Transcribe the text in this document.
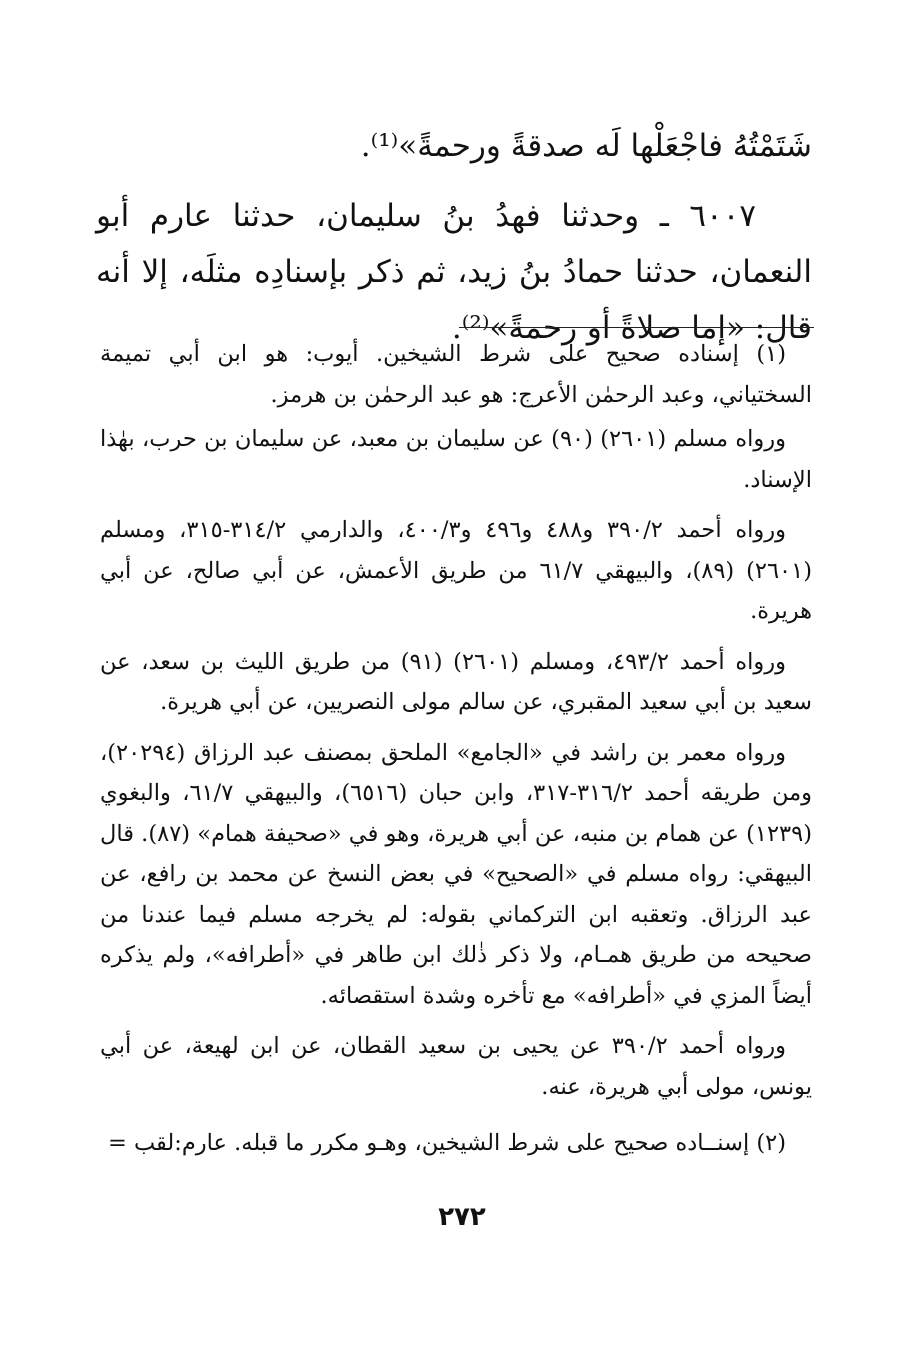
شَتَمْتُهُ فاجْعَلْها لَه صدقةً ورحمةً»⁽¹⁾.

٦٠٠٧ ـ وحدثنا فهدُ بنُ سليمان، حدثنا عارم أبو النعمان، حدثنا حمادُ بنُ زيد، ثم ذكر بإسنادِه مثلَه، إلا أنه قال: «إما صلاةً أو رحمةً»⁽²⁾.

(١) إسناده صحيح على شرط الشيخين. أيوب: هو ابن أبي تميمة السختياني، وعبد الرحمٰن الأعرج: هو عبد الرحمٰن بن هرمز.

ورواه مسلم (٢٦٠١) (٩٠) عن سليمان بن معبد، عن سليمان بن حرب، بهٰذا الإسناد.

ورواه أحمد ٣٩٠/٢ و٤٨٨ و٤٩٦ و٤٠٠/٣، والدارمي ٣١٤/٢-٣١٥، ومسلم (٢٦٠١) (٨٩)، والبيهقي ٦١/٧ من طريق الأعمش، عن أبي صالح، عن أبي هريرة.

ورواه أحمد ٤٩٣/٢، ومسلم (٢٦٠١) (٩١) من طريق الليث بن سعد، عن سعيد بن أبي سعيد المقبري، عن سالم مولى النصريين، عن أبي هريرة.

ورواه معمر بن راشد في «الجامع» الملحق بمصنف عبد الرزاق (٢٠٢٩٤)، ومن طريقه أحمد ٣١٦/٢-٣١٧، وابن حبان (٦٥١٦)، والبيهقي ٦١/٧، والبغوي (١٢٣٩) عن همام بن منبه، عن أبي هريرة، وهو في «صحيفة همام» (٨٧). قال البيهقي: رواه مسلم في «الصحيح» في بعض النسخ عن محمد بن رافع، عن عبد الرزاق. وتعقبه ابن التركماني بقوله: لم يخرجه مسلم فيما عندنا من صحيحه من طريق همـام، ولا ذكر ذٰلك ابن طاهر في «أطرافه»، ولم يذكره أيضاً المزي في «أطرافه» مع تأخره وشدة استقصائه.

ورواه أحمد ٣٩٠/٢ عن يحيى بن سعيد القطان، عن ابن لهيعة، عن أبي يونس، مولى أبي هريرة، عنه.

(٢) إسنــاده صحيح على شرط الشيخين، وهـو مكرر ما قبله. عارم:لقب =

٢٧٢
